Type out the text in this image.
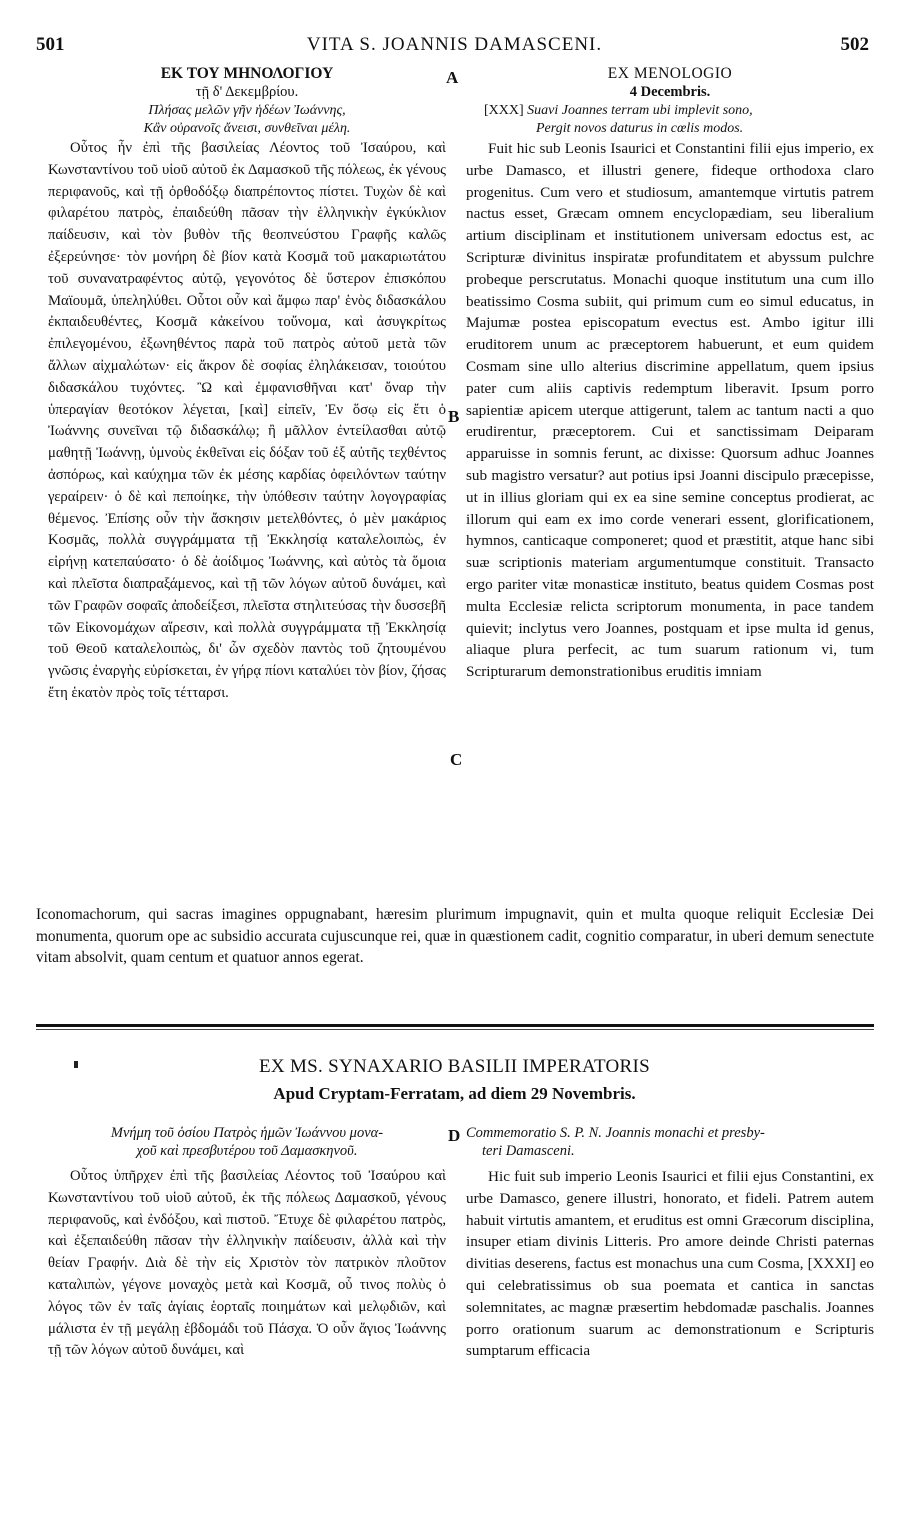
501	VITA S. JOANNIS DAMASCENI.	502
A
B
C
D
ΕΚ ΤΟΥ ΜΗΝΟΛΟΓΙΟΥ
τῇ δ' Δεκεμβρίου.
Πλήσας μελῶν γῆν ἡδέων Ἰωάννης,
Κἂν οὐρανοῖς ἄνεισι, συνθεῖναι μέλη.

Οὗτος ἦν ἐπὶ τῆς βασιλείας Λέοντος τοῦ Ἰσαύρου, καὶ Κωνσταντίνου τοῦ υἱοῦ αὐτοῦ ἐκ Δαμασκοῦ τῆς πόλεως, ἐκ γένους περιφανοῦς, καὶ τῇ ὀρθοδόξῳ διαπρέποντος πίστει. Τυχὼν δὲ καὶ φιλαρέτου πατρὸς, ἐπαιδεύθη πᾶσαν τὴν ἑλληνικὴν ἐγκύκλιον παίδευσιν, καὶ τὸν βυθὸν τῆς θεοπνεύστου Γραφῆς καλῶς ἐξερεύνησε· τὸν μονήρη δὲ βίον κατὰ Κοσμᾶ τοῦ μακαριωτάτου τοῦ συνανατραφέντος αὐτῷ, γεγονότος δὲ ὕστερον ἐπισκόπου Μαϊουμᾶ, ὑπεληλύθει. Οὗτοι οὖν καὶ ἄμφω παρ' ἑνὸς διδασκάλου ἐκπαιδευθέντες, Κοσμᾶ κἀκείνου τοὔνομα, καὶ ἀσυγκρίτως ἐπιλεγομένου, ἐξωνηθέντος παρὰ τοῦ πατρὸς αὐτοῦ μετὰ τῶν ἄλλων αἰχμαλώτων· εἰς ἄκρον δὲ σοφίας ἐληλάκεισαν, τοιούτου διδασκάλου τυχόντες. Ὢ καὶ ἐμφανισθῆναι κατ' ὄναρ τὴν ὑπεραγίαν θεοτόκον λέγεται, [καὶ] εἰπεῖν, Ἐν ὅσῳ εἰς ἔτι ὁ Ἰωάννης συνεῖναι τῷ διδασκάλῳ; ἢ μᾶλλον ἐντείλασθαι αὐτῷ μαθητῇ Ἰωάννῃ, ὑμνοὺς ἐκθεῖναι εἰς δόξαν τοῦ ἐξ αὐτῆς τεχθέντος ἀσπόρως, καὶ καύχημα τῶν ἐκ μέσης καρδίας ὀφειλόντων ταύτην γεραίρειν· ὁ δὲ καὶ πεποίηκε, τὴν ὑπόθεσιν ταύτην λογογραφίας θέμενος. Ἐπίσης οὖν τὴν ἄσκησιν μετελθόντες, ὁ μὲν μακάριος Κοσμᾶς, πολλὰ συγγράμματα τῇ Ἐκκλησίᾳ καταλελοιπὼς, ἐν εἰρήνῃ κατεπαύσατο· ὁ δὲ ἀοίδιμος Ἰωάννης, καὶ αὐτὸς τὰ ὅμοια καὶ πλεῖστα διαπραξάμενος, καὶ τῇ τῶν λόγων αὐτοῦ δυνάμει, καὶ τῶν Γραφῶν σοφαῖς ἀποδείξεσι, πλεῖστα στηλιτεύσας τὴν δυσσεβῆ τῶν Εἰκονομάχων αἵρεσιν, καὶ πολλὰ συγγράμματα τῇ Ἐκκλησίᾳ τοῦ Θεοῦ καταλελοιπὼς, δι' ὧν σχεδὸν παντὸς τοῦ ζητουμένου γνῶσις ἐναργὴς εὑρίσκεται, ἐν γήρᾳ πίονι καταλύει τὸν βίον, ζήσας ἔτη ἑκατὸν πρὸς τοῖς τέτταρσι.

EX MENOLOGIO
4 Decembris.
[XXX] Suavi Joannes terram ubi implevit sono,
Pergit novos daturus in cœlis modos.

Fuit hic sub Leonis Isaurici et Constantini filii ejus imperio, ex urbe Damasco, et illustri genere, fideque orthodoxa claro progenitus. Cum vero et studiosum, amantemque virtutis patrem nactus esset, Græcam omnem encyclopædiam, seu liberalium artium disciplinam et institutionem universam edoctus est, ac Scripturæ divinitus inspiratæ profunditatem et abyssum pulchre probeque perscrutatus. Monachi quoque institutum una cum illo beatissimo Cosma subiit, qui primum cum eo simul educatus, in Majumæ postea episcopatum evectus est. Ambo igitur illi eruditorem unum ac præceptorem habuerunt, et eum quidem Cosmam sine ullo alterius discrimine appellatum, quem ipsius pater cum aliis captivis redemptum liberavit. Ipsum porro sapientiæ apicem uterque attigerunt, talem ac tantum nacti a quo erudirentur, præceptorem. Cui et sanctissimam Deiparam apparuisse in somnis ferunt, ac dixisse: Quorsum adhuc Joannes sub magistro versatur? aut potius ipsi Joanni discipulo præcepisse, ut in illius gloriam qui ex ea sine semine conceptus prodierat, ac illorum qui eam ex imo corde venerari essent, glorificationem, hymnos, canticaque componeret; quod et præstitit, atque hanc sibi suæ scriptionis materiam argumentumque constituit. Transacto ergo pariter vitæ monasticæ instituto, beatus quidem Cosmas post multa Ecclesiæ relicta scriptorum monumenta, in pace tandem quievit; inclytus vero Joannes, postquam et ipse multa id genus, aliaque plura perfecit, ac tum suarum rationum vi, tum Scripturarum demonstrationibus eruditis imniam

Iconomachorum, qui sacras imagines oppugnabant, hæresim plurimum impugnavit, quin et multa quoque reliquit Ecclesiæ Dei monumenta, quorum ope ac subsidio accurata cujuscunque rei, quæ in quæstionem cadit, cognitio comparatur, in uberi demum senectute vitam absolvit, quam centum et quatuor annos egerat.

EX MS. SYNAXARIO BASILII IMPERATORIS
Apud Cryptam-Ferratam, ad diem 29 Novembris.
Μνήμη τοῦ ὁσίου Πατρὸς ἡμῶν Ἰωάννου μονα-
χοῦ καὶ πρεσβυτέρου τοῦ Δαμασκηνοῦ.

Οὗτος ὑπῆρχεν ἐπὶ τῆς βασιλείας Λέοντος τοῦ Ἰσαύρου καὶ Κωνσταντίνου τοῦ υἱοῦ αὐτοῦ, ἐκ τῆς πόλεως Δαμασκοῦ, γένους περιφανοῦς, καὶ ἐνδόξου, καὶ πιστοῦ. Ἔτυχε δὲ φιλαρέτου πατρὸς, καὶ ἐξεπαιδεύθη πᾶσαν τὴν ἑλληνικὴν παίδευσιν, ἀλλὰ καὶ τὴν θείαν Γραφήν. Διὰ δὲ τὴν εἰς Χριστὸν τὸν πατρικὸν πλοῦτον καταλιπὼν, γέγονε μοναχὸς μετὰ καὶ Κοσμᾶ, οὗ τινος πολὺς ὁ λόγος τῶν ἐν ταῖς ἁγίαις ἑορταῖς ποιημάτων καὶ μελῳδιῶν, καὶ μάλιστα ἐν τῇ μεγάλῃ ἑβδομάδι τοῦ Πάσχα. Ὁ οὖν ἅγιος Ἰωάννης τῇ τῶν λόγων αὐτοῦ δυνάμει, καὶ

Commemoratio S. P. N. Joannis monachi et presby-
teri Damasceni.

Hic fuit sub imperio Leonis Isaurici et filii ejus Constantini, ex urbe Damasco, genere illustri, honorato, et fideli. Patrem autem habuit virtutis amantem, et eruditus est omni Græcorum disciplina, insuper etiam divinis Litteris. Pro amore deinde Christi paternas divitias deserens, factus est monachus una cum Cosma, [XXXI] eo qui celebratissimus ob sua poemata et cantica in sanctas solemnitates, ac magnæ præsertim hebdomadæ paschalis. Joannes porro orationum suarum ac demonstrationum e Scripturis sumptarum efficacia
